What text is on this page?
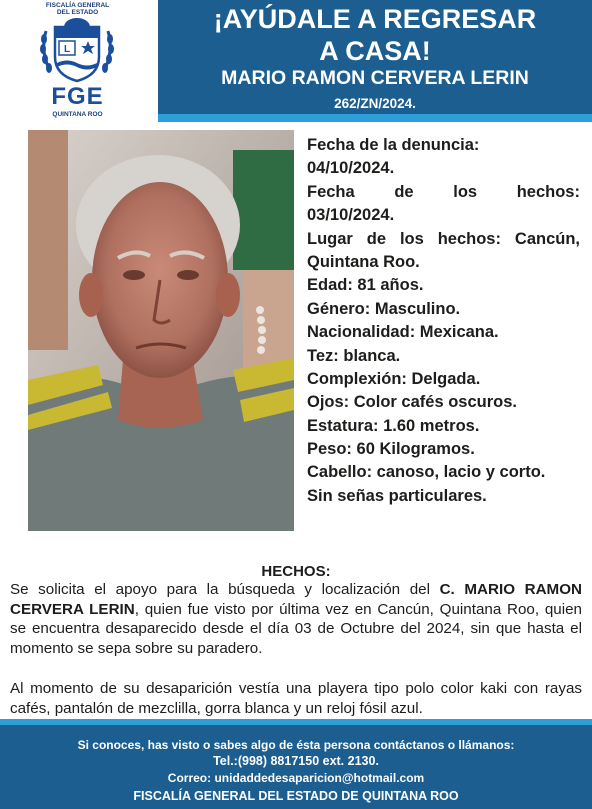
FISCALÍA GENERAL
DEL ESTADO
L
FGE
QUINTANA ROO
¡AYÚDALE A REGRESAR
A CASA!
MARIO RAMON CERVERA LERIN
262/ZN/2024.
Fecha de la denuncia:
04/10/2024.
Fecha de los hechos:
03/10/2024.
Lugar de los hechos: Cancún,
Quintana Roo.
Edad: 81 años.
Género: Masculino.
Nacionalidad: Mexicana.
Tez: blanca.
Complexión: Delgada.
Ojos: Color cafés oscuros.
Estatura: 1.60 metros.
Peso: 60 Kilogramos.
Cabello: canoso, lacio y corto.
Sin señas particulares.
HECHOS:
Se solicita el apoyo para la búsqueda y localización del C. MARIO RAMON CERVERA LERIN, quien fue visto por última vez en Cancún, Quintana Roo, quien se encuentra desaparecido desde el día 03 de Octubre del 2024, sin que hasta el momento se sepa sobre su paradero.
Al momento de su desaparición vestía una playera tipo polo color kaki con rayas cafés, pantalón de mezclilla, gorra blanca y un reloj fósil azul.
Si conoces, has visto o sabes algo de ésta persona contáctanos o llámanos:
Tel.:(998) 8817150 ext. 2130.
Correo: unidaddedesaparicion@hotmail.com
FISCALÍA GENERAL DEL ESTADO DE QUINTANA ROO
